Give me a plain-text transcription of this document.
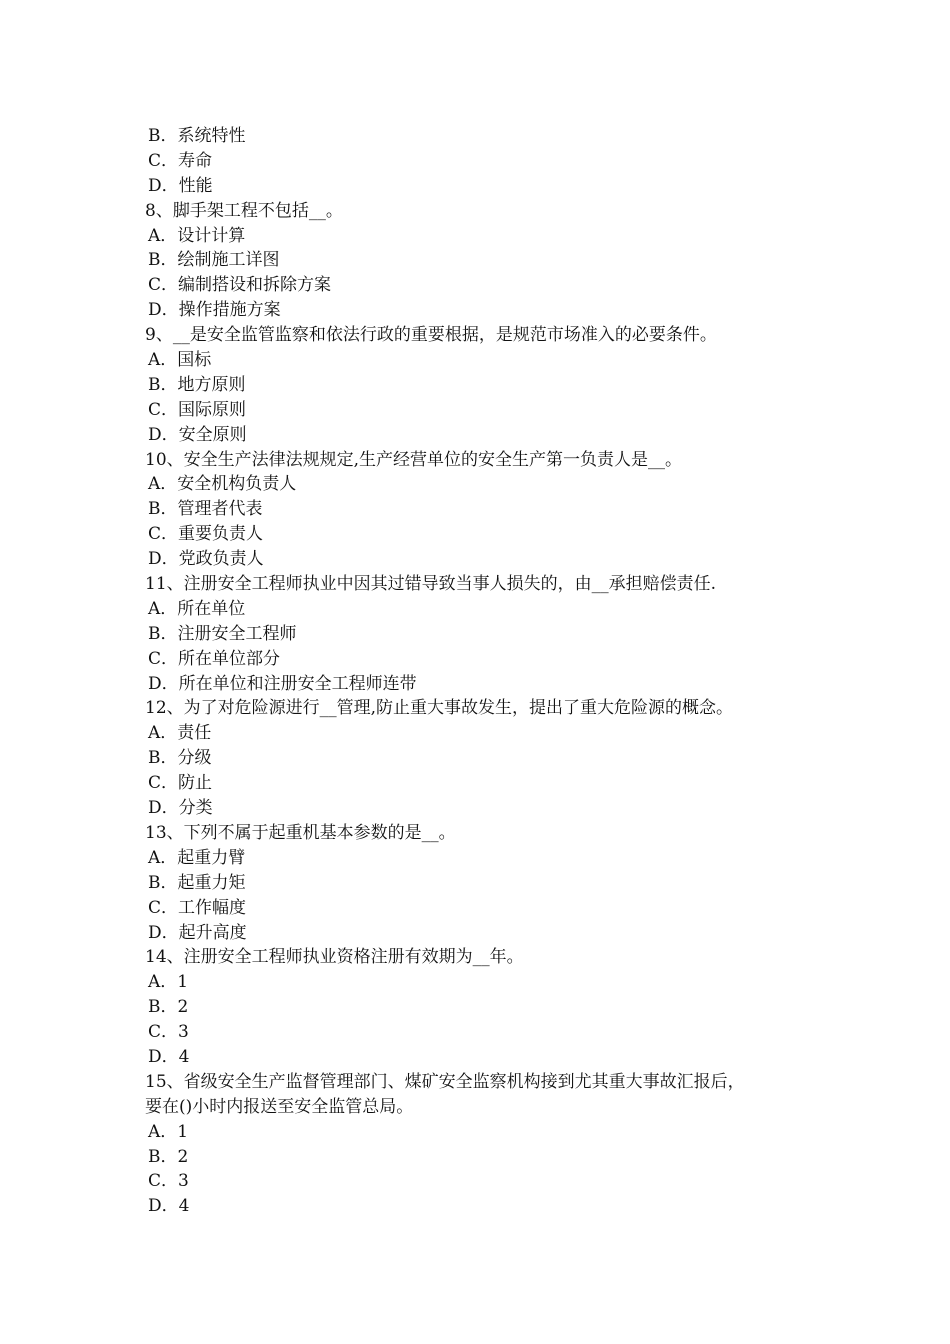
B．系统特性
C．寿命
D．性能
8、脚手架工程不包括__。
A．设计计算
B．绘制施工详图
C．编制搭设和拆除方案
D．操作措施方案
9、__是安全监管监察和依法行政的重要根据，是规范市场准入的必要条件。
A．国标
B．地方原则
C．国际原则
D．安全原则
10、安全生产法律法规规定,生产经营单位的安全生产第一负责人是__。
A．安全机构负责人
B．管理者代表
C．重要负责人
D．党政负责人
11、注册安全工程师执业中因其过错导致当事人损失的，由__承担赔偿责任.
A．所在单位
B．注册安全工程师
C．所在单位部分
D．所在单位和注册安全工程师连带
12、为了对危险源进行__管理,防止重大事故发生，提出了重大危险源的概念。
A．责任
B．分级
C．防止
D．分类
13、下列不属于起重机基本参数的是__。
A．起重力臂
B．起重力矩
C．工作幅度
D．起升高度
14、注册安全工程师执业资格注册有效期为__年。
A．1
B．2
C．3
D．4
15、省级安全生产监督管理部门、煤矿安全监察机构接到尤其重大事故汇报后，
要在()小时内报送至安全监管总局。
A．1
B．2
C．3
D．4
